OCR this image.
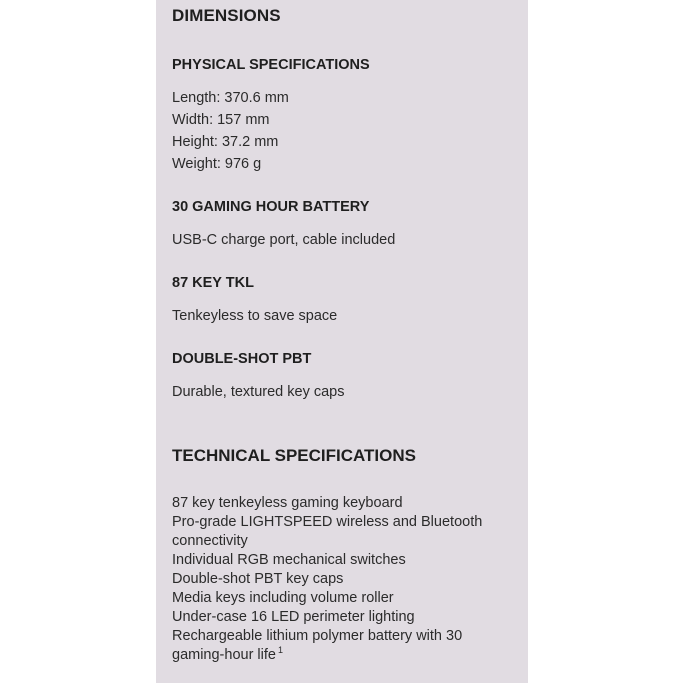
DIMENSIONS
PHYSICAL SPECIFICATIONS
Length: 370.6 mm
Width: 157 mm
Height: 37.2 mm
Weight: 976 g
30 GAMING HOUR BATTERY
USB-C charge port, cable included
87 KEY TKL
Tenkeyless to save space
DOUBLE-SHOT PBT
Durable, textured key caps
TECHNICAL SPECIFICATIONS
87 key tenkeyless gaming keyboard
Pro-grade LIGHTSPEED wireless and Bluetooth connectivity
Individual RGB mechanical switches
Double-shot PBT key caps
Media keys including volume roller
Under-case 16 LED perimeter lighting
Rechargeable lithium polymer battery with 30 gaming-hour life $^1$
